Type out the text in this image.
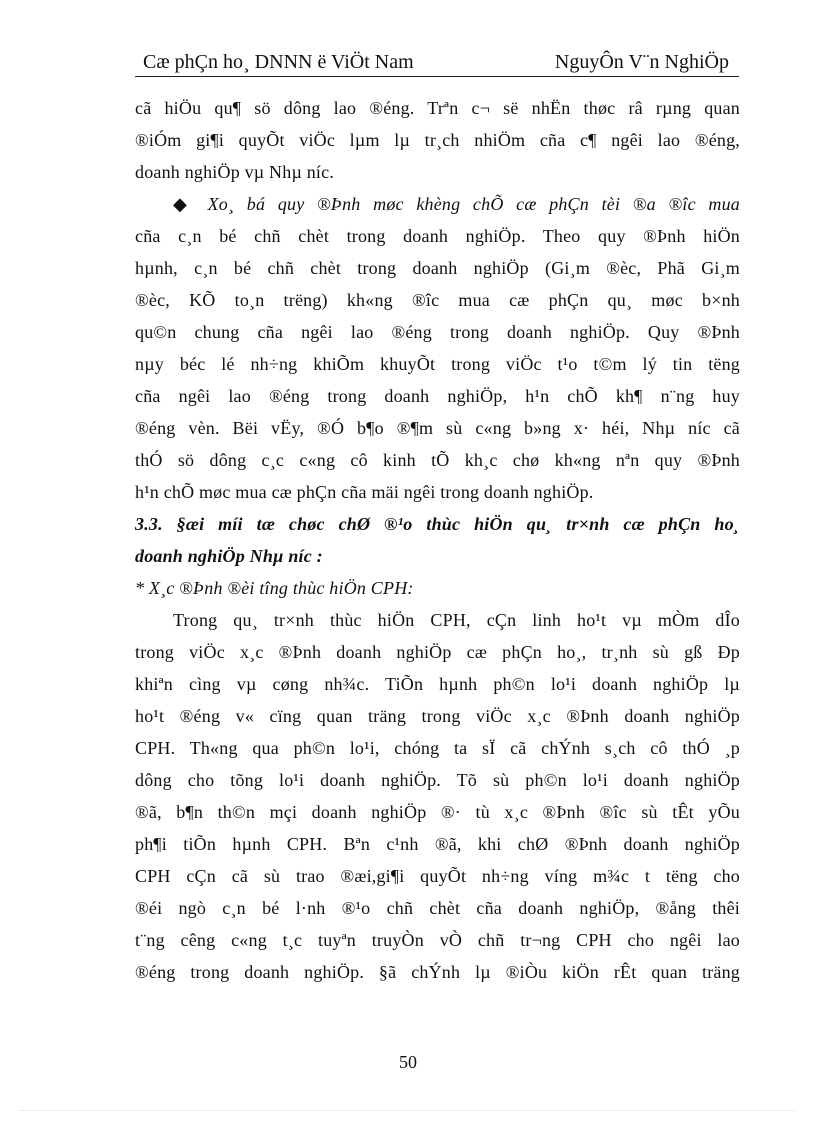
Cæ phÇn ho¸ DNNN ë ViÖt Nam	NguyÔn V¨n NghiÖp
cã hiÖu qu¶ sö dông lao ®éng. Trªn c¬ së nhËn thøc râ rµng quan
®iÓm gi¶i quyÕt viÖc lµm lµ tr¸ch nhiÖm cña c¶ ngêi lao ®éng,
doanh nghiÖp vµ Nhµ níc.
◆ Xo¸ bá quy ®Þnh møc khèng chÕ cæ phÇn tèi ®a ®îc mua
cña c¸n bé chñ chèt trong doanh nghiÖp. Theo quy ®Þnh hiÖn
hµnh, c¸n bé chñ chèt trong doanh nghiÖp (Gi¸m ®èc, Phã Gi¸m
®èc, KÕ to¸n trëng) kh«ng ®îc mua cæ phÇn qu¸ møc b×nh
qu©n chung cña ngêi lao ®éng trong doanh nghiÖp. Quy ®Þnh
nµy béc lé nh÷ng khiÕm khuyÕt trong viÖc t¹o t©m lý tin tëng
cña ngêi lao ®éng trong doanh nghiÖp, h¹n chÕ kh¶ n¨ng huy
®éng vèn. Bëi vËy, ®Ó b¶o ®¶m sù c«ng b»ng x· héi, Nhµ níc cã
thÓ sö dông c¸c c«ng cô kinh tÕ kh¸c chø kh«ng nªn quy ®Þnh
h¹n chÕ møc mua cæ phÇn cña mäi ngêi trong doanh nghiÖp.
3.3. §æi míi tæ chøc chØ ®¹o thùc hiÖn qu¸ tr×nh cæ phÇn ho¸
doanh nghiÖp Nhµ níc :
* X¸c ®Þnh ®èi tîng thùc hiÖn CPH:
Trong qu¸ tr×nh thùc hiÖn CPH, cÇn linh ho¹t vµ mÒm dÎo
trong viÖc x¸c ®Þnh doanh nghiÖp cæ phÇn ho¸, tr¸nh sù gß Ðp
khiªn cìng vµ cøng nh¾c. TiÕn hµnh ph©n lo¹i doanh nghiÖp lµ
ho¹t ®éng v« cïng quan träng trong viÖc x¸c ®Þnh doanh nghiÖp
CPH. Th«ng qua ph©n lo¹i, chóng ta sÏ cã chÝnh s¸ch cô thÓ ¸p
dông cho tõng lo¹i doanh nghiÖp. Tõ sù ph©n lo¹i doanh nghiÖp
®ã, b¶n th©n mçi doanh nghiÖp ®· tù x¸c ®Þnh ®îc sù tÊt yÕu
ph¶i tiÕn hµnh CPH. Bªn c¹nh ®ã, khi chØ ®Þnh doanh nghiÖp
CPH cÇn cã sù trao ®æi,gi¶i quyÕt nh÷ng víng m¾c t tëng cho
®éi ngò c¸n bé l·nh ®¹o chñ chèt cña doanh nghiÖp, ®ång thêi
t¨ng cêng c«ng t¸c tuyªn truyÒn vÒ chñ tr¬ng CPH cho ngêi lao
®éng trong doanh nghiÖp. §ã chÝnh lµ ®iÒu kiÖn rÊt quan träng
50
